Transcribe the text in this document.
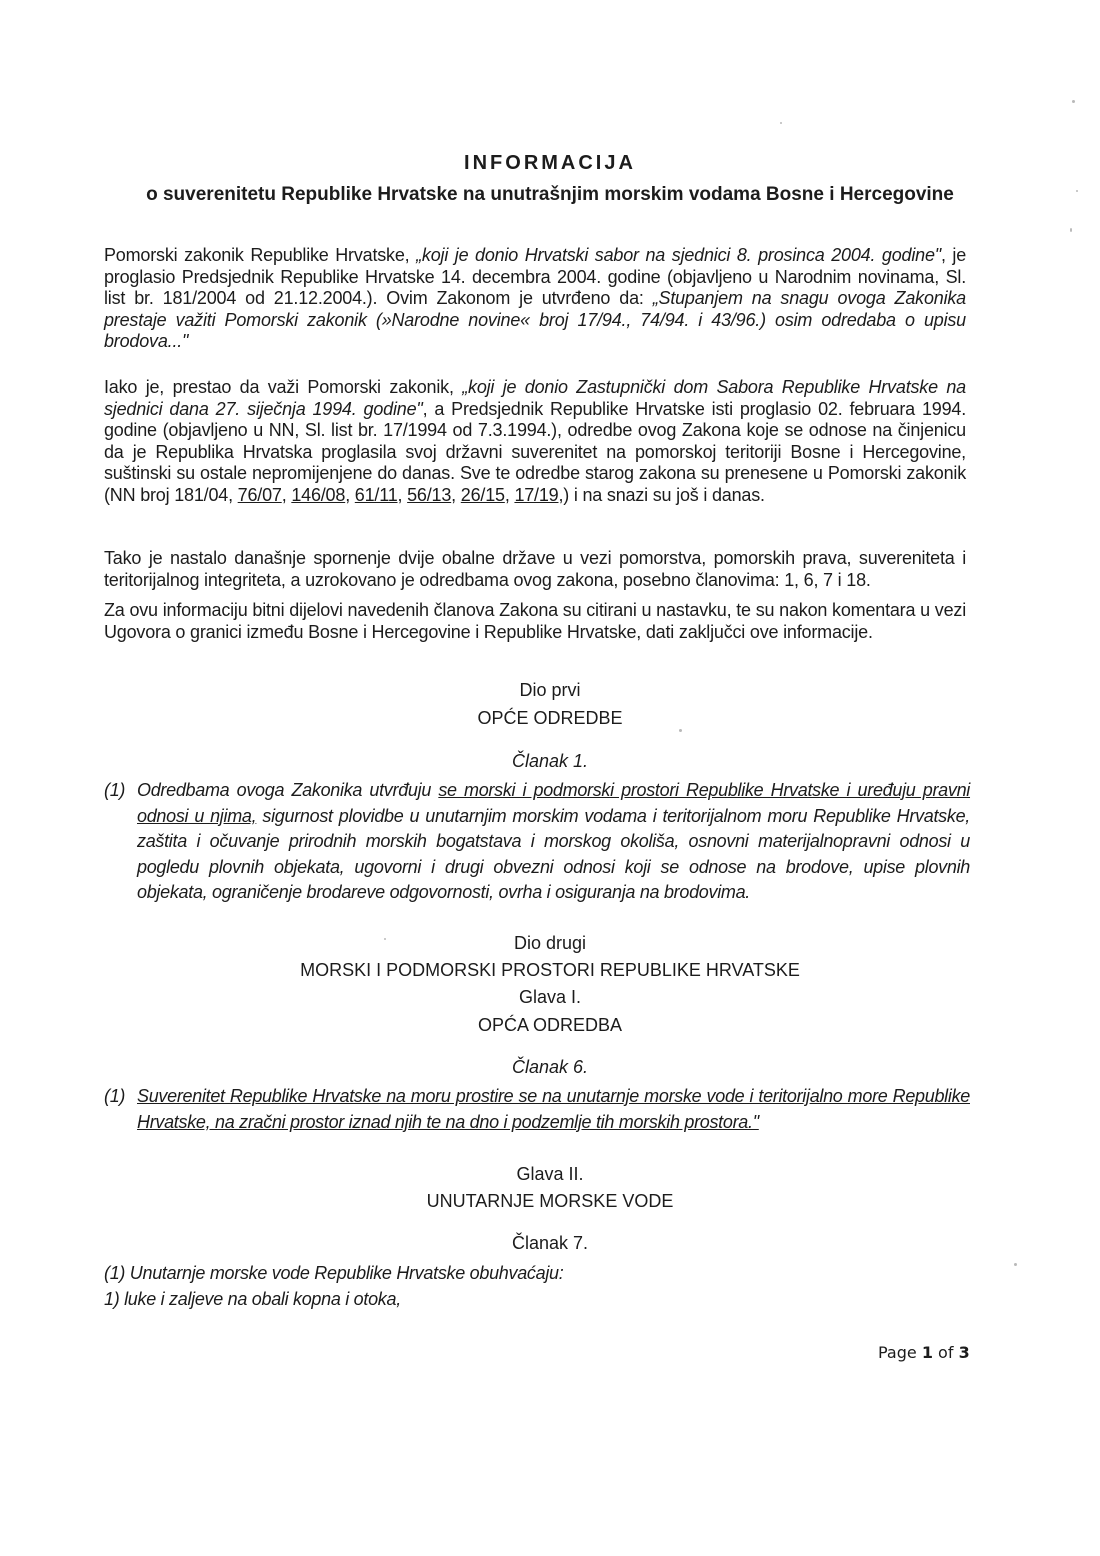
INFORMACIJA
o suverenitetu Republike Hrvatske na unutrašnjim morskim vodama Bosne i Hercegovine

Pomorski zakonik Republike Hrvatske, „koji je donio Hrvatski sabor na sjednici 8. prosinca 2004. godine", je proglasio Predsjednik Republike Hrvatske 14. decembra 2004. godine (objavljeno u Narodnim novinama, Sl. list br. 181/2004 od 21.12.2004.). Ovim Zakonom je utvrđeno da: „Stupanjem na snagu ovoga Zakonika prestaje važiti Pomorski zakonik (»Narodne novine« broj 17/94., 74/94. i 43/96.) osim odredaba o upisu brodova..."

Iako je, prestao da važi Pomorski zakonik, „koji je donio Zastupnički dom Sabora Republike Hrvatske na sjednici dana 27. siječnja 1994. godine", a Predsjednik Republike Hrvatske isti proglasio 02. februara 1994. godine (objavljeno u NN, Sl. list br. 17/1994 od 7.3.1994.), odredbe ovog Zakona koje se odnose na činjenicu da je Republika Hrvatska proglasila svoj državni suverenitet na pomorskoj teritoriji Bosne i Hercegovine, suštinski su ostale nepromijenjene do danas. Sve te odredbe starog zakona su prenesene u Pomorski zakonik (NN broj 181/04, 76/07, 146/08, 61/11, 56/13, 26/15, 17/19,) i na snazi su još i danas.

Tako je nastalo današnje spornenje dvije obalne države u vezi pomorstva, pomorskih prava, suvereniteta i teritorijalnog integriteta, a uzrokovano je odredbama ovog zakona, posebno članovima: 1, 6, 7 i 18.

Za ovu informaciju bitni dijelovi navedenih članova Zakona su citirani u nastavku, te su nakon komentara u vezi Ugovora o granici između Bosne i Hercegovine i Republike Hrvatske, dati zaključci ove informacije.

Dio prvi
OPĆE ODREDBE
Članak 1.
(1) Odredbama ovoga Zakonika utvrđuju se morski i podmorski prostori Republike Hrvatske i uređuju pravni odnosi u njima, sigurnost plovidbe u unutarnjim morskim vodama i teritorijalnom moru Republike Hrvatske, zaštita i očuvanje prirodnih morskih bogatstava i morskog okoliša, osnovni materijalnopravni odnosi u pogledu plovnih objekata, ugovorni i drugi obvezni odnosi koji se odnose na brodove, upise plovnih objekata, ograničenje brodareve odgovornosti, ovrha i osiguranja na brodovima.
Dio drugi
MORSKI I PODMORSKI PROSTORI REPUBLIKE HRVATSKE
Glava I.
OPĆA ODREDBA
Članak 6.
(1) Suverenitet Republike Hrvatske na moru prostire se na unutarnje morske vode i teritorijalno more Republike Hrvatske, na zračni prostor iznad njih te na dno i podzemlje tih morskih prostora."
Glava II.
UNUTARNJE MORSKE VODE
Članak 7.
(1) Unutarnje morske vode Republike Hrvatske obuhvaćaju:
1) luke i zaljeve na obali kopna i otoka,
Page 1 of 3
